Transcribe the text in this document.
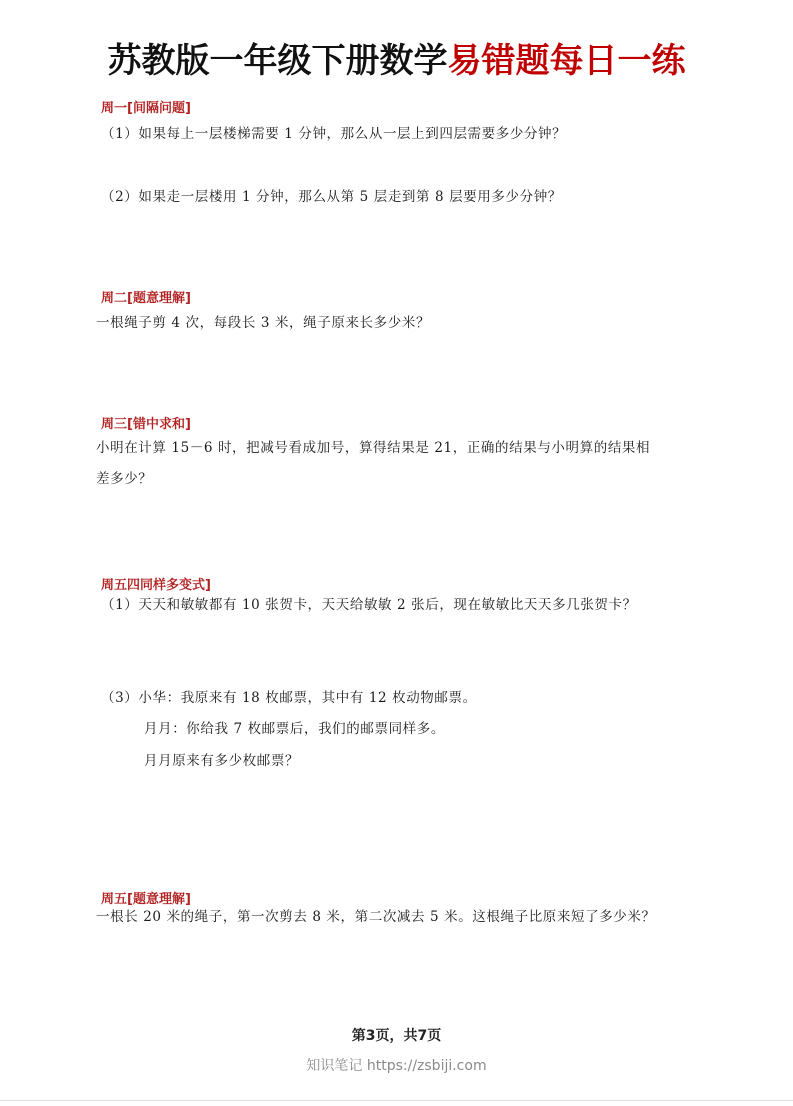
苏教版一年级下册数学易错题每日一练
周一[间隔问题]
（1）如果每上一层楼梯需要 1 分钟，那么从一层上到四层需要多少分钟？
（2）如果走一层楼用 1 分钟，那么从第 5 层走到第 8 层要用多少分钟？
周二[题意理解]
一根绳子剪 4 次，每段长 3 米，绳子原来长多少米？
周三[错中求和]
小明在计算 15－6 时，把减号看成加号，算得结果是 21，正确的结果与小明算的结果相
差多少？
周五四同样多变式]
（1）天天和敏敏都有 10 张贺卡，天天给敏敏 2 张后，现在敏敏比天天多几张贺卡？
（3）小华：我原来有 18 枚邮票，其中有 12 枚动物邮票。
月月：你给我 7 枚邮票后，我们的邮票同样多。
月月原来有多少枚邮票？
周五[题意理解]
一根长 20 米的绳子，第一次剪去 8 米，第二次减去 5 米。这根绳子比原来短了多少米？
第3页，共7页
知识笔记 https://zsbiji.com
